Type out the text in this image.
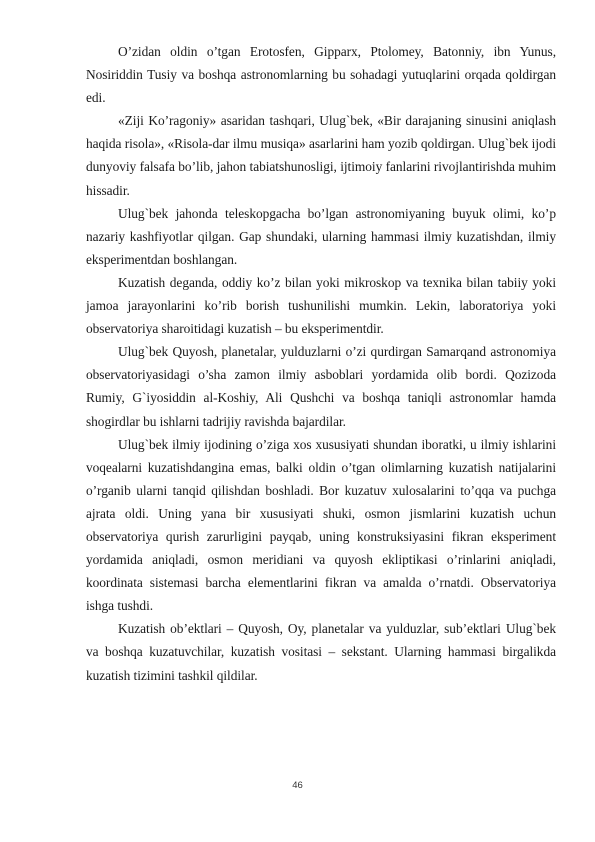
O’zidan oldin o’tgan Erotosfen, Gipparx, Ptolomey, Batonniy, ibn Yunus, Nosiriddin Tusiy va boshqa astronomlarning bu sohadagi yutuqlarini orqada qoldirgan edi.

«Ziji Ko’ragoniy» asaridan tashqari, Ulug`bek, «Bir darajaning sinusini aniqlash haqida risola», «Risola-dar ilmu musiqa» asarlarini ham yozib qoldirgan. Ulug`bek ijodi dunyoviy falsafa bo’lib, jahon tabiatshunosligi, ijtimoiy fanlarini rivojlantirishda muhim hissadir.

Ulug`bek jahonda teleskopgacha bo’lgan astronomiyaning buyuk olimi, ko’p nazariy kashfiyotlar qilgan. Gap shundaki, ularning hammasi ilmiy kuzatishdan, ilmiy eksperimentdan boshlangan.

Kuzatish deganda, oddiy ko’z bilan yoki mikroskop va texnika bilan tabiiy yoki jamoa jarayonlarini ko’rib borish tushunilishi mumkin. Lekin, laboratoriya yoki observatoriya sharoitidagi kuzatish – bu eksperimentdir.

Ulug`bek Quyosh, planetalar, yulduzlarni o’zi qurdirgan Samarqand astronomiya observatoriyasidagi o’sha zamon ilmiy asboblari yordamida olib bordi. Qozizoda Rumiy, G`iyosiddin al-Koshiy, Ali Qushchi va boshqa taniqli astronomlar hamda shogirdlar bu ishlarni tadrijiy ravishda bajardilar.

Ulug`bek ilmiy ijodining o’ziga xos xususiyati shundan iboratki, u ilmiy ishlarini voqealarni kuzatishdangina emas, balki oldin o’tgan olimlarning kuzatish natijalarini o’rganib ularni tanqid qilishdan boshladi. Bor kuzatuv xulosalarini to’qqa va puchga ajrata oldi. Uning yana bir xususiyati shuki, osmon jismlarini kuzatish uchun observatoriya qurish zarurligini payqab, uning konstruksiyasini fikran eksperiment yordamida aniqladi, osmon meridiani va quyosh ekliptikasi o’rinlarini aniqladi, koordinata sistemasi barcha elementlarini fikran va amalda o’rnatdi. Observatoriya ishga tushdi.

Kuzatish ob’ektlari – Quyosh, Oy, planetalar va yulduzlar, sub’ektlari Ulug`bek va boshqa kuzatuvchilar, kuzatish vositasi – sekstant. Ularning hammasi birgalikda kuzatish tizimini tashkil qildilar.

46
